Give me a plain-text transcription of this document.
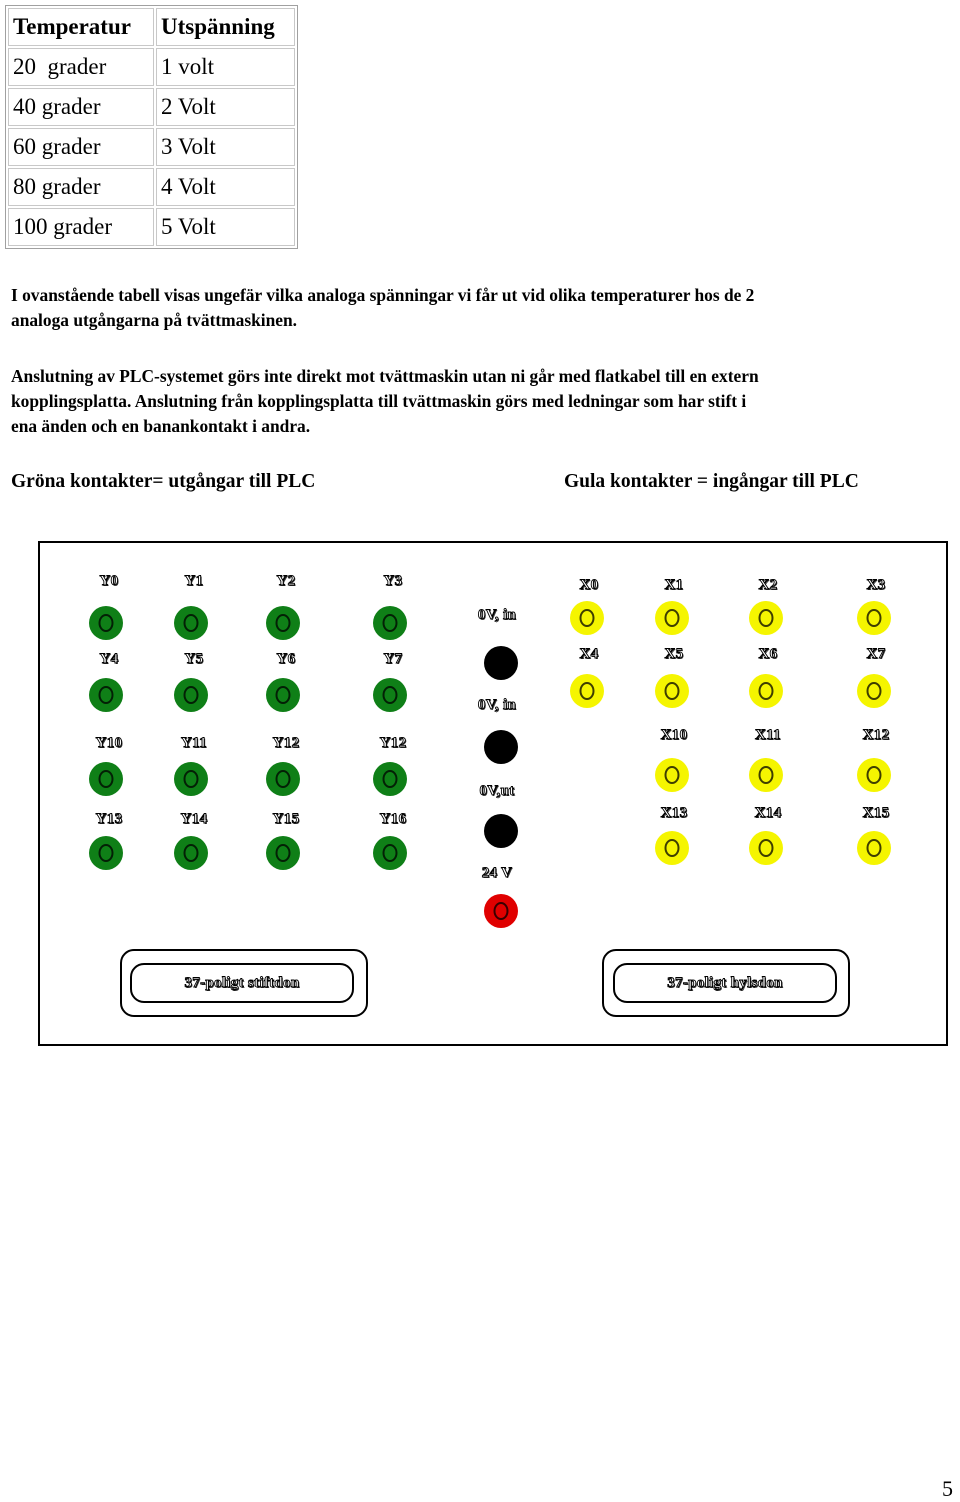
Temperatur	Utspänning
20  grader	1 volt
40 grader	2 Volt
60 grader	3 Volt
80 grader	4 Volt
100 grader	5 Volt

I ovanstående tabell visas ungefär vilka analoga spänningar vi får ut vid olika temperaturer hos de 2
analoga utgångarna på tvättmaskinen.

Anslutning av PLC-systemet görs inte direkt mot tvättmaskin utan ni går med flatkabel till en extern
kopplingsplatta. Anslutning från kopplingsplatta till tvättmaskin görs med ledningar som har stift i
ena änden och en banankontakt i andra.

Gröna kontakter= utgångar till PLC	Gula kontakter = ingångar till PLC
37-poligt stiftdon	37-poligt hylsdon
Y0	Y1	Y2	Y3
Y4	Y5	Y6	Y7
Y10	Y11	Y12	Y12
Y13	Y14	Y15	Y16
X0	X1	X2	X3
X4	X5	X6	X7
X10	X11	X12
X13	X14	X15
0V, in
0V, in
0V,ut
24 V
5
